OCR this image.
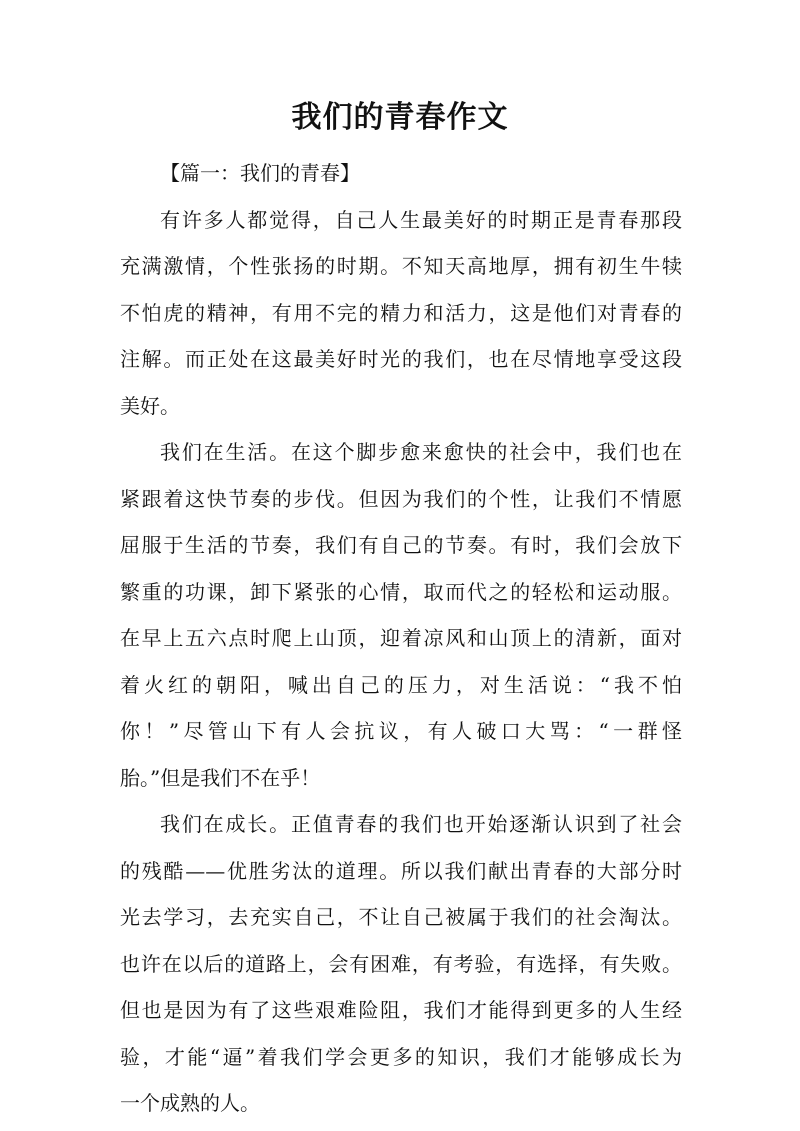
我们的青春作文

【篇一：我们的青春】

有许多人都觉得，自己人生最美好的时期正是青春那段
充满激情，个性张扬的时期。不知天高地厚，拥有初生牛犊
不怕虎的精神，有用不完的精力和活力，这是他们对青春的
注解。而正处在这最美好时光的我们，也在尽情地享受这段
美好。

我们在生活。在这个脚步愈来愈快的社会中，我们也在
紧跟着这快节奏的步伐。但因为我们的个性，让我们不情愿
屈服于生活的节奏，我们有自己的节奏。有时，我们会放下
繁重的功课，卸下紧张的心情，取而代之的轻松和运动服。
在早上五六点时爬上山顶，迎着凉风和山顶上的清新，面对
着火红的朝阳，喊出自己的压力，对生活说：“我不怕
你！”尽管山下有人会抗议，有人破口大骂：“一群怪
胎。”但是我们不在乎！

我们在成长。正值青春的我们也开始逐渐认识到了社会
的残酷——优胜劣汰的道理。所以我们献出青春的大部分时
光去学习，去充实自己，不让自己被属于我们的社会淘汰。
也许在以后的道路上，会有困难，有考验，有选择，有失败。
但也是因为有了这些艰难险阻，我们才能得到更多的人生经
验，才能“逼”着我们学会更多的知识，我们才能够成长为
一个成熟的人。
